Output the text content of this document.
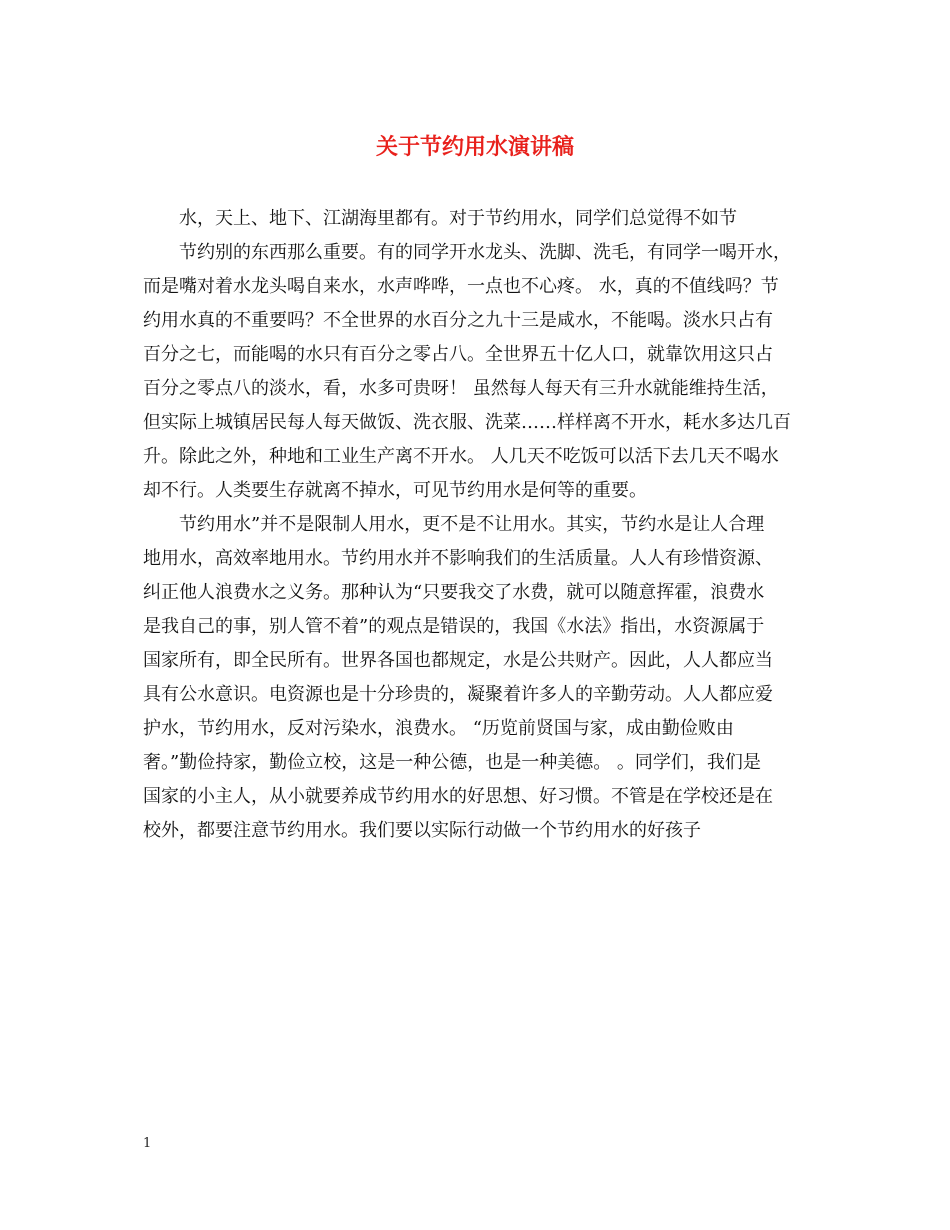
关于节约用水演讲稿
水，天上、地下、江湖海里都有。对于节约用水，同学们总觉得不如节
节约别的东西那么重要。有的同学开水龙头、洗脚、洗毛，有同学一喝开水，
而是嘴对着水龙头喝自来水，水声哗哗，一点也不心疼。 水，真的不值线吗？节
约用水真的不重要吗？不全世界的水百分之九十三是咸水，不能喝。淡水只占有
百分之七，而能喝的水只有百分之零占八。全世界五十亿人口，就靠饮用这只占
百分之零点八的淡水，看，水多可贵呀！ 虽然每人每天有三升水就能维持生活，
但实际上城镇居民每人每天做饭、洗衣服、洗菜……样样离不开水，耗水多达几百
升。除此之外，种地和工业生产离不开水。 人几天不吃饭可以活下去几天不喝水
却不行。人类要生存就离不掉水，可见节约用水是何等的重要。
节约用水”并不是限制人用水，更不是不让用水。其实，节约水是让人合理
地用水，高效率地用水。节约用水并不影响我们的生活质量。人人有珍惜资源、
纠正他人浪费水之义务。那种认为“只要我交了水费，就可以随意挥霍，浪费水
是我自己的事，别人管不着”的观点是错误的，我国《水法》指出，水资源属于
国家所有，即全民所有。世界各国也都规定，水是公共财产。因此，人人都应当
具有公水意识。电资源也是十分珍贵的，凝聚着许多人的辛勤劳动。人人都应爱
护水，节约用水，反对污染水，浪费水。 “历览前贤国与家，成由勤俭败由
奢。”勤俭持家，勤俭立校，这是一种公德，也是一种美德。 。同学们，我们是
国家的小主人，从小就要养成节约用水的好思想、好习惯。不管是在学校还是在
校外，都要注意节约用水。我们要以实际行动做一个节约用水的好孩子
1
